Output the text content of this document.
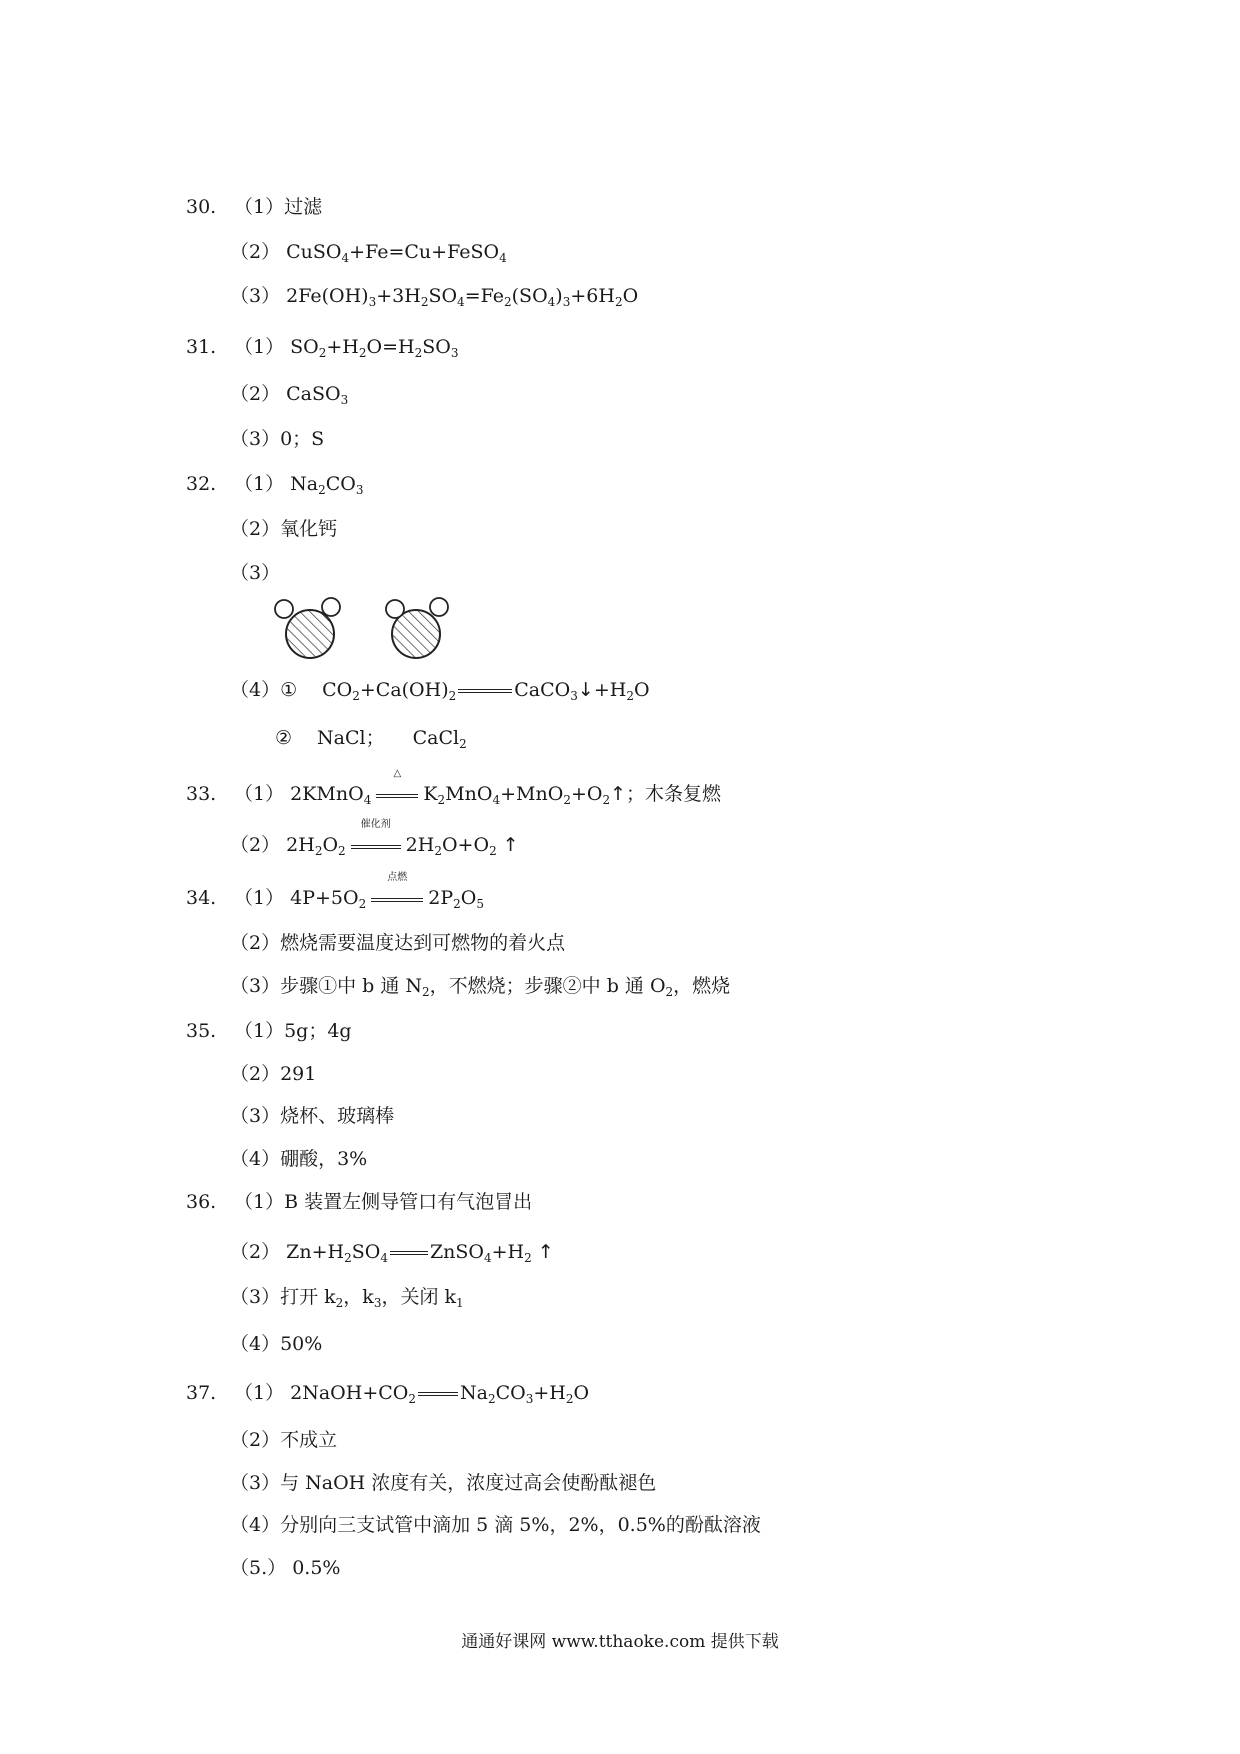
30. （1）过滤
（2） CuSO$_4$+Fe=Cu+FeSO$_4$
（3） $2Fe(OH)_3+3H_2SO_4=Fe_2(SO_4)_3+6H_2O$
31. （1） $SO_2+H_2O=H_2SO_3$
（2） CaSO$_3$
（3）0；S
32. （1） $Na_2CO_3$
（2）氧化钙
（3）
（4）① $CO_2+Ca(OH)_2$	$CaCO_3↓+H_2O$
② NaCl； CaCl$_2$
33. （1） 2KMnO$_4$
△
$K_2MnO_4+MnO_2+O_2↑$；木条复燃
（2） $2H_2O_2$
催化剂
$2H_2O+O_2$ ↑
34. （1） $4P+5O_2$
点燃
$2P_2O_5$
（2）燃烧需要温度达到可燃物的着火点
（3）步骤①中 b 通 $N_2$，不燃烧；步骤②中 b 通 $O_2$，燃烧
35. （1）5g；4g
（2）291
（3）烧杯、玻璃棒
（4）硼酸，3%
36. （1）B 装置左侧导管口有气泡冒出
（2） $Zn+H_2SO_4$ $ZnSO_4+H_2$ ↑
（3）打开 $k_2$，$k_3$，关闭 $k_1$
（4）50%
37. （1） $2NaOH+CO_2$ $Na_2CO_3+H_2O$
（2）不成立
（3）与 NaOH 浓度有关，浓度过高会使酚酞褪色
（4）分别向三支试管中滴加 5 滴 5%，2%，0.5%的酚酞溶液
（5.） 0.5%
通通好课网 www.tthaoke.com 提供下载
